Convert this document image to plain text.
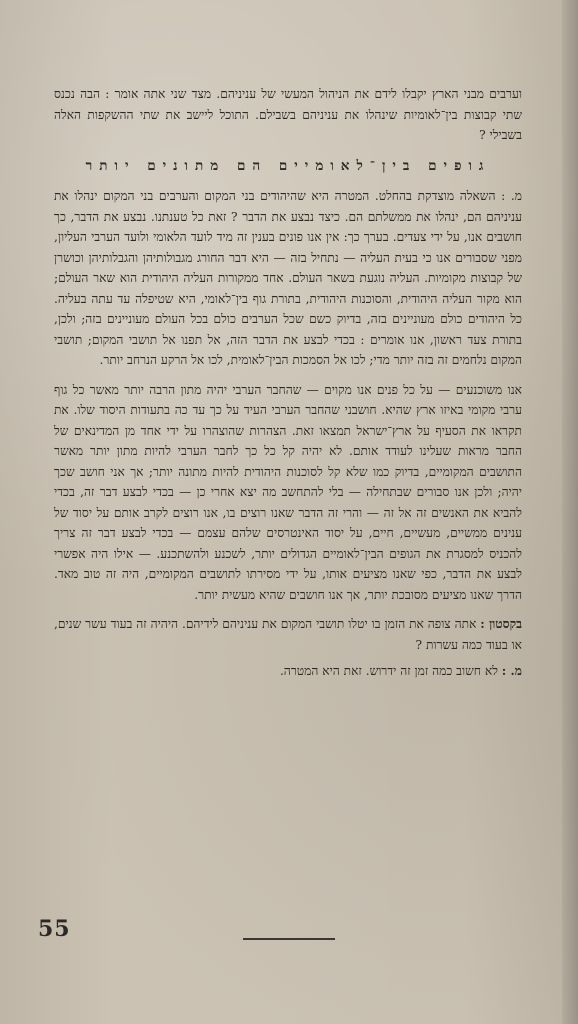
וערבים מבני הארץ יקבלו לידם את הניהול המעשי של עניניהם. מצד שני אתה אומר : הבה נכנס שתי קבוצות בין־לאומיות שינהלו את עניניהם בשבילם. התוכל ליישב את שתי ההשקפות האלה בשבילי ?

גופים בין־לאומיים הם מתונים יותר

מ. : השאלה מוצדקת בהחלט. המטרה היא שהיהודים בני המקום והערבים בני המקום ינהלו את עניניהם הם, ינהלו את ממשלתם הם. כיצד נבצע את הדבר ? זאת כל טענתנו. נבצע את הדבר, כך חושבים אנו, על ידי צעדים. בערך כך: אין אנו פונים בענין זה מיד לועד הלאומי ולועד הערבי העליון, מפני שסבורים אנו כי בעית העליה — נתחיל בזה — היא דבר החורג מגבולותיהן והגבלותיהן וכושרן של קבוצות מקומיות. העליה נוגעת בשאר העולם. אחד ממקורות העליה היהודית הוא שאר העולם; הוא מקור העליה היהודית, והסוכנות היהודית, בתורת גוף בין־לאומי, היא שטיפלה עד עתה בעליה. כל היהודים כולם מעוניינים בזה, בדיוק כשם שכל הערבים כולם בכל העולם מעוניינים בזה; ולכן, בתורת צעד ראשון, אנו אומרים : בכדי לבצע את הדבר הזה, אל תפנו אל תושבי המקום; תושבי המקום נלחמים זה בזה יותר מדי; לכו אל הסמכות הבין־לאומית, לכו אל הרקע הנרחב יותר.

אנו משוכנעים — על כל פנים אנו מקוים — שהחבר הערבי יהיה מתון הרבה יותר מאשר כל גוף ערבי מקומי באיזו ארץ שהיא. חושבני שהחבר הערבי העיד על כך עד כה בתעודות היסוד שלו. את תקראו את הסעיף על ארץ־ישראל תמצאו זאת. הצהרות שהוצהרו על ידי אחד מן המדינאים של החבר מראות שעלינו לעודד אותם. לא יהיה קל כל כך לחבר הערבי להיות מתון יותר מאשר התושבים המקומיים, בדיוק כמו שלא קל לסוכנות היהודית להיות מתונה יותר; אך אני חושב שכך יהיה; ולכן אנו סבורים שבתחילה — בלי להתחשב מה יצא אחרי כן — בכדי לבצע דבר זה, בכדי להביא את האנשים זה אל זה — והרי זה הדבר שאנו רוצים בו, אנו רוצים לקרב אותם על יסוד של ענינים ממשיים, מעשיים, חיים, על יסוד האינטרסים שלהם עצמם — בכדי לבצע דבר זה צריך להכניס למסגרת את הגופים הבין־לאומיים הגדולים יותר, לשכנע ולהשתכנע. — אילו היה אפשרי לבצע את הדבר, כפי שאנו מציעים אותו, על ידי מסירתו לתושבים המקומיים, היה זה טוב מאד. הדרך שאנו מציעים מסובכת יותר, אך אנו חושבים שהיא מעשית יותר.

בקסטון : אתה צופה את הזמן בו יטלו תושבי המקום את עניניהם לידיהם. היהיה זה בעוד עשר שנים, או בעוד כמה עשרות ?

מ. : לא חשוב כמה זמן זה ידרוש. זאת היא המטרה.

55
